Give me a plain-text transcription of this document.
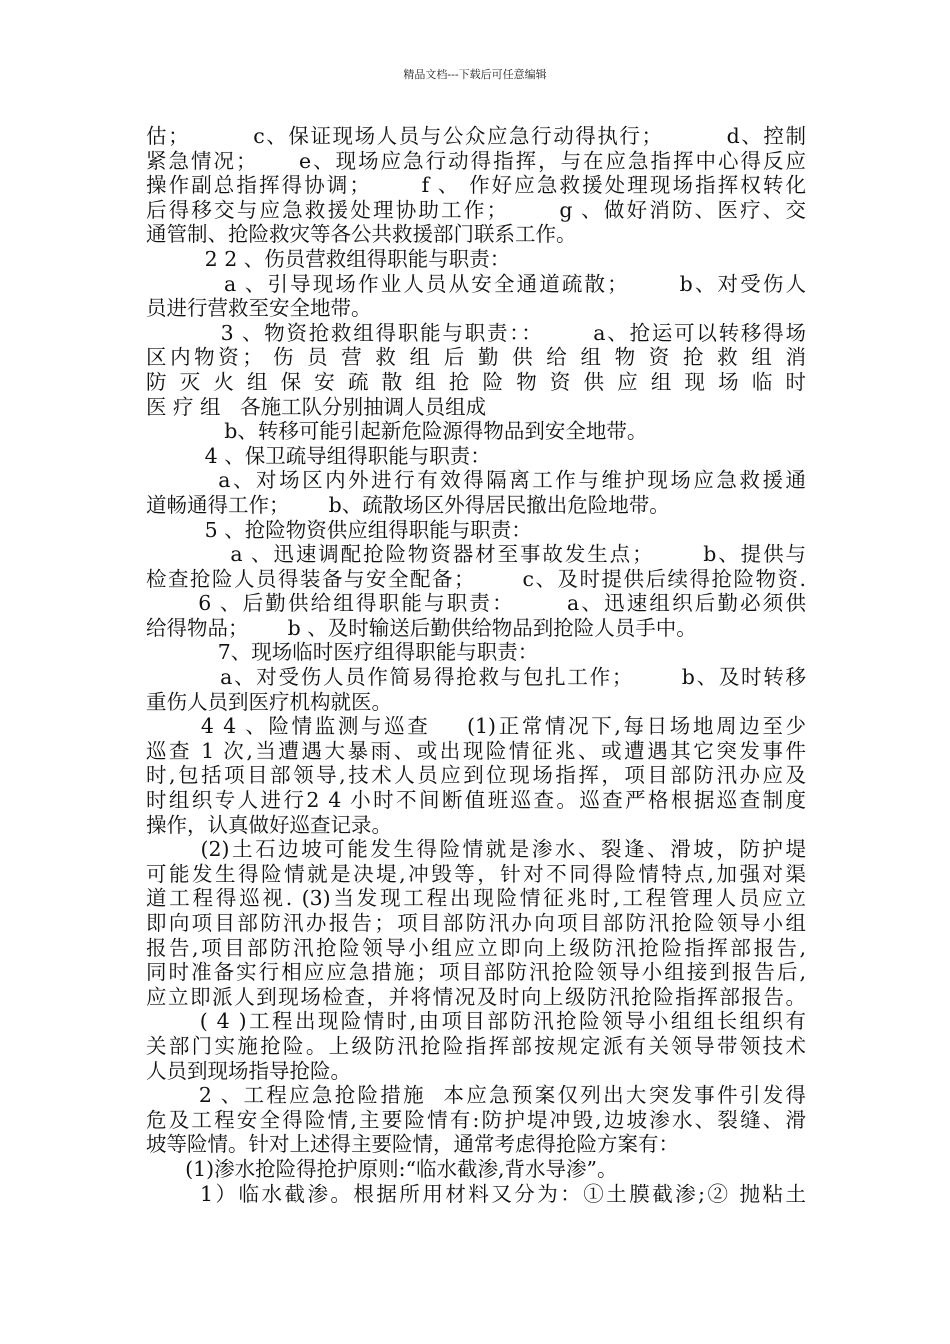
精品文档---下载后可任意编辑

估；        c、保证现场人员与公众应急行动得执行；        d、控制

紧急情况；     e、现场应急行动得指挥，与在应急指挥中心得反应

操作副总指挥得协调；      f 、 作好应急救援处理现场指挥权转化

后得移交与应急救援处理协助工作；      g 、做好消防、医疗、交

通管制、抢险救灾等各公共救援部门联系工作。

2 2 、伤员营救组得职能与职责：

a 、引导现场作业人员从安全通道疏散；      b、对受伤人

员进行营救至安全地带。

3 、物资抢救组得职能与职责：：      a、抢运可以转移得场

区内物资； 伤 员 营 救 组 后 勤 供 给 组 物 资 抢 救 组 消

防 灭 火 组 保 安 疏 散 组 抢 险 物 资 供 应 组 现 场 临 时

医 疗 组   各施工队分别抽调人员组成

b、转移可能引起新危险源得物品到安全地带。

4 、保卫疏导组得职能与职责：

a、对场区内外进行有效得隔离工作与维护现场应急救援通

道畅通得工作；      b、疏散场区外得居民撤出危险地带。

5 、抢险物资供应组得职能与职责：

a 、迅速调配抢险物资器材至事故发生点；      b、提供与

检查抢险人员得装备与安全配备；      c、及时提供后续得抢险物资.

6 、后勤供给组得职能与职责：      a、迅速组织后勤必须供

给得物品；      b 、及时输送后勤供给物品到抢险人员手中。

7、现场临时医疗组得职能与职责：

a、对受伤人员作简易得抢救与包扎工作；      b、及时转移

重伤人员到医疗机构就医。

4 4 、险情监测与巡查    (1)正常情况下,每日场地周边至少

巡查 1 次,当遭遇大暴雨、或出现险情征兆、或遭遇其它突发事件

时,包括项目部领导,技术人员应到位现场指挥，项目部防汛办应及

时组织专人进行2 4 小时不间断值班巡查。巡查严格根据巡查制度

操作，认真做好巡查记录。

(2)土石边坡可能发生得险情就是渗水、裂逢、滑坡，防护堤

可能发生得险情就是决堤,冲毁等，针对不同得险情特点,加强对渠

道工程得巡视. (3)当发现工程出现险情征兆时,工程管理人员应立

即向项目部防汛办报告；项目部防汛办向项目部防汛抢险领导小组

报告,项目部防汛抢险领导小组应立即向上级防汛抢险指挥部报告,

同时准备实行相应应急措施；项目部防汛抢险领导小组接到报告后,

应立即派人到现场检查，并将情况及时向上级防汛抢险指挥部报告。

( 4 )工程出现险情时,由项目部防汛抢险领导小组组长组织有

关部门实施抢险。上级防汛抢险指挥部按规定派有关领导带领技术

人员到现场指导抢险。

2 、工程应急抢险措施  本应急预案仅列出大突发事件引发得

危及工程安全得险情,主要险情有:防护堤冲毁,边坡渗水、裂缝、滑

坡等险情。针对上述得主要险情，通常考虑得抢险方案有：

(1)渗水抢险得抢护原则:“临水截渗,背水导渗”。

1）临水截渗。根据所用材料又分为：①土膜截渗;② 抛粘土
